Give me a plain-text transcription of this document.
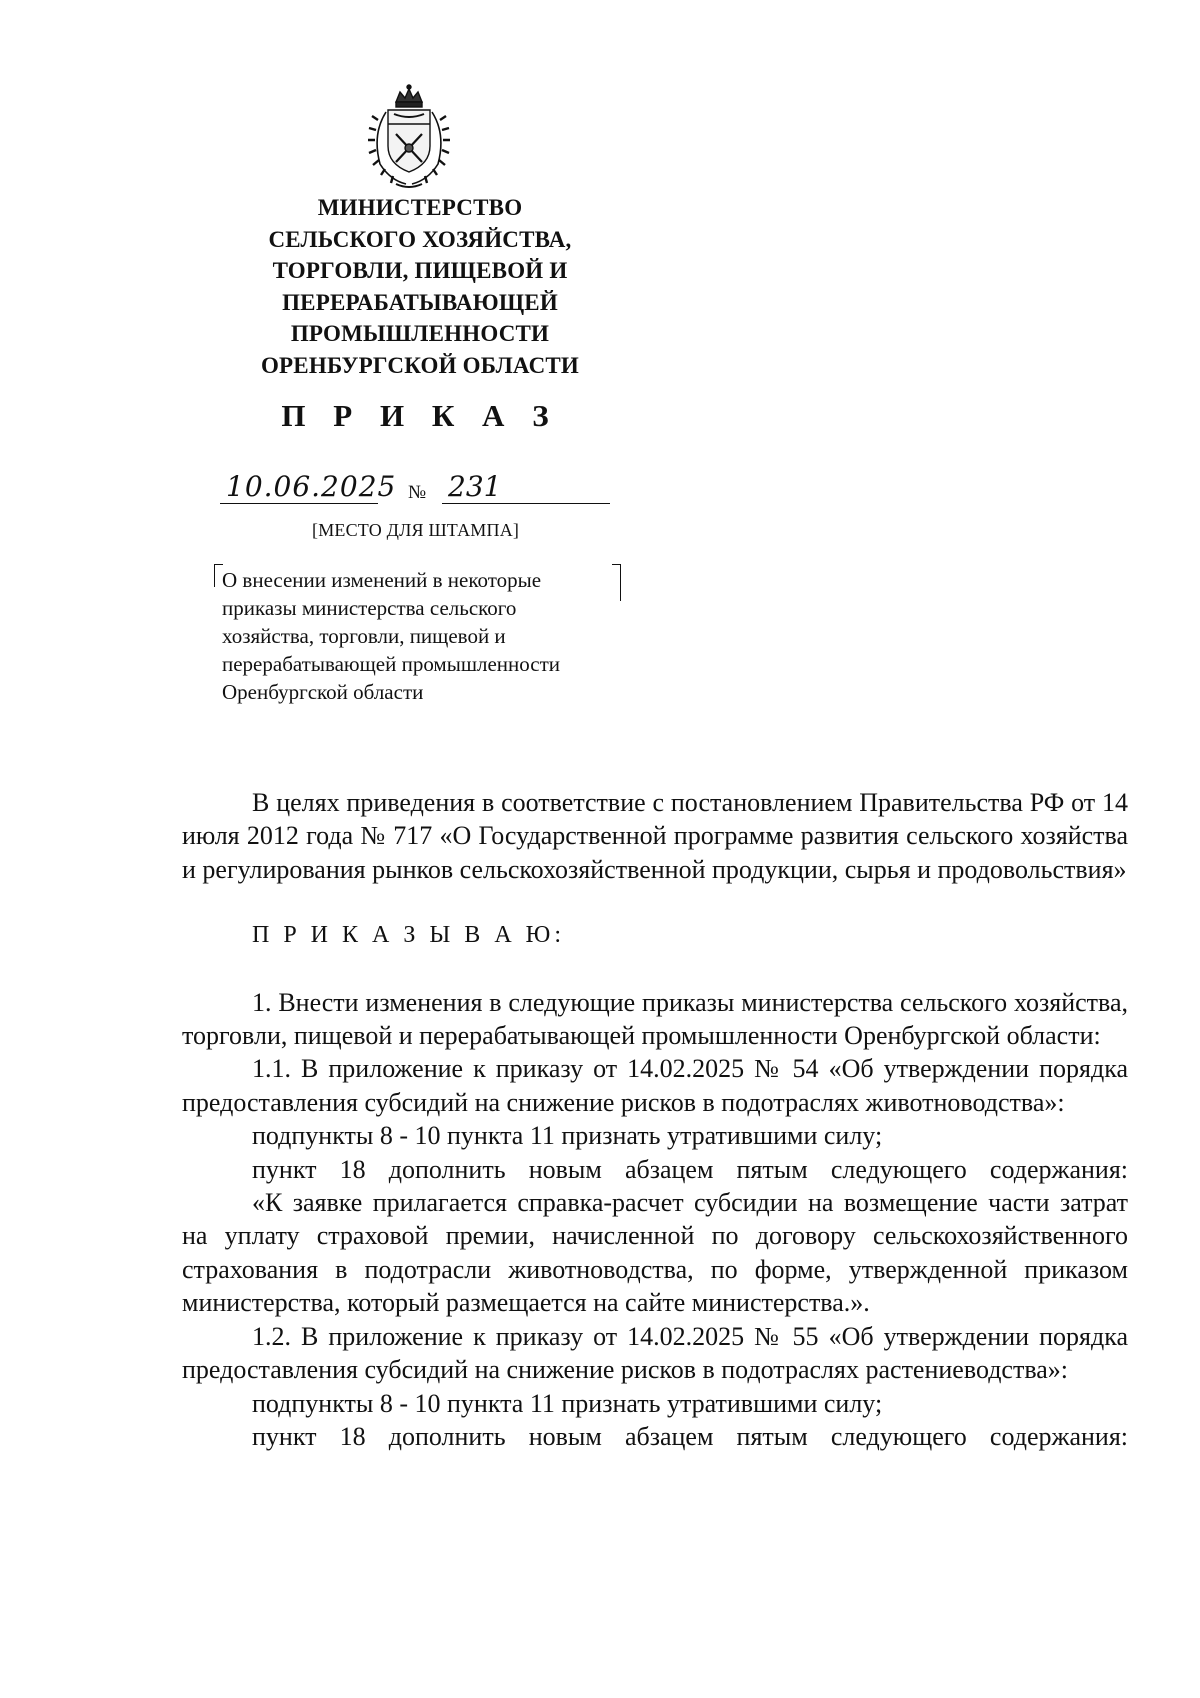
МИНИСТЕРСТВО
СЕЛЬСКОГО ХОЗЯЙСТВА,
ТОРГОВЛИ, ПИЩЕВОЙ И
ПЕРЕРАБАТЫВАЮЩЕЙ
ПРОМЫШЛЕННОСТИ
ОРЕНБУРГСКОЙ ОБЛАСТИ
П Р И К А З
10.06.2025 № 231
[МЕСТО ДЛЯ ШТАМПА]
О внесении изменений в некоторые
приказы министерства сельского
хозяйства, торговли, пищевой и
перерабатывающей промышленности
Оренбургской области

В целях приведения в соответствие с постановлением Правительства РФ от 14 июля 2012 года № 717 «О Государственной программе развития сельского хозяйства и регулирования рынков сельскохозяйственной продукции, сырья и продовольствия»

П Р И К А З Ы В А Ю:

1. Внести изменения в следующие приказы министерства сельского хозяйства, торговли, пищевой и перерабатывающей промышленности Оренбургской области:

1.1. В приложение к приказу от 14.02.2025 № 54 «Об утверждении порядка предоставления субсидий на снижение рисков в подотраслях животноводства»:

подпункты 8 - 10 пункта 11 признать утратившими силу;

пункт 18 дополнить новым абзацем пятым следующего содержания:

«К заявке прилагается справка-расчет субсидии на возмещение части затрат на уплату страховой премии, начисленной по договору сельскохозяйственного страхования в подотрасли животноводства, по форме, утвержденной приказом министерства, который размещается на сайте министерства.».

1.2. В приложение к приказу от 14.02.2025 № 55 «Об утверждении порядка предоставления субсидий на снижение рисков в подотраслях растениеводства»:

подпункты 8 - 10 пункта 11 признать утратившими силу;

пункт 18 дополнить новым абзацем пятым следующего содержания:
